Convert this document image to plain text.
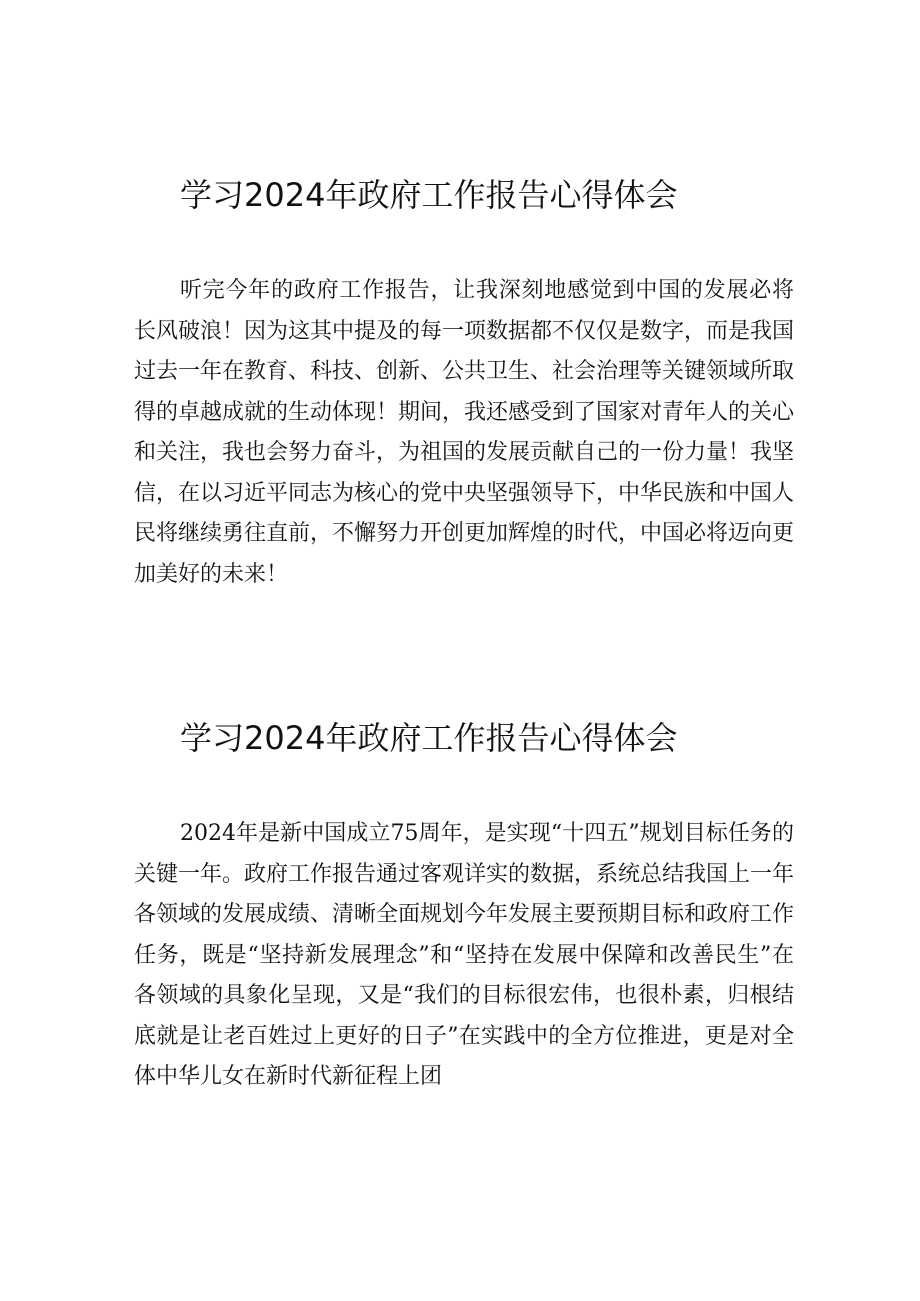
学习2024年政府工作报告心得体会

听完今年的政府工作报告，让我深刻地感觉到中国的发展必将长风破浪！因为这其中提及的每一项数据都不仅仅是数字，而是我国过去一年在教育、科技、创新、公共卫生、社会治理等关键领域所取得的卓越成就的生动体现！期间，我还感受到了国家对青年人的关心和关注，我也会努力奋斗，为祖国的发展贡献自己的一份力量！我坚信，在以习近平同志为核心的党中央坚强领导下，中华民族和中国人民将继续勇往直前，不懈努力开创更加辉煌的时代，中国必将迈向更加美好的未来！

学习2024年政府工作报告心得体会

2024年是新中国成立75周年，是实现“十四五”规划目标任务的关键一年。政府工作报告通过客观详实的数据，系统总结我国上一年各领域的发展成绩、清晰全面规划今年发展主要预期目标和政府工作任务，既是“坚持新发展理念”和“坚持在发展中保障和改善民生”在各领域的具象化呈现，又是“我们的目标很宏伟，也很朴素，归根结底就是让老百姓过上更好的日子”在实践中的全方位推进，更是对全体中华儿女在新时代新征程上团
